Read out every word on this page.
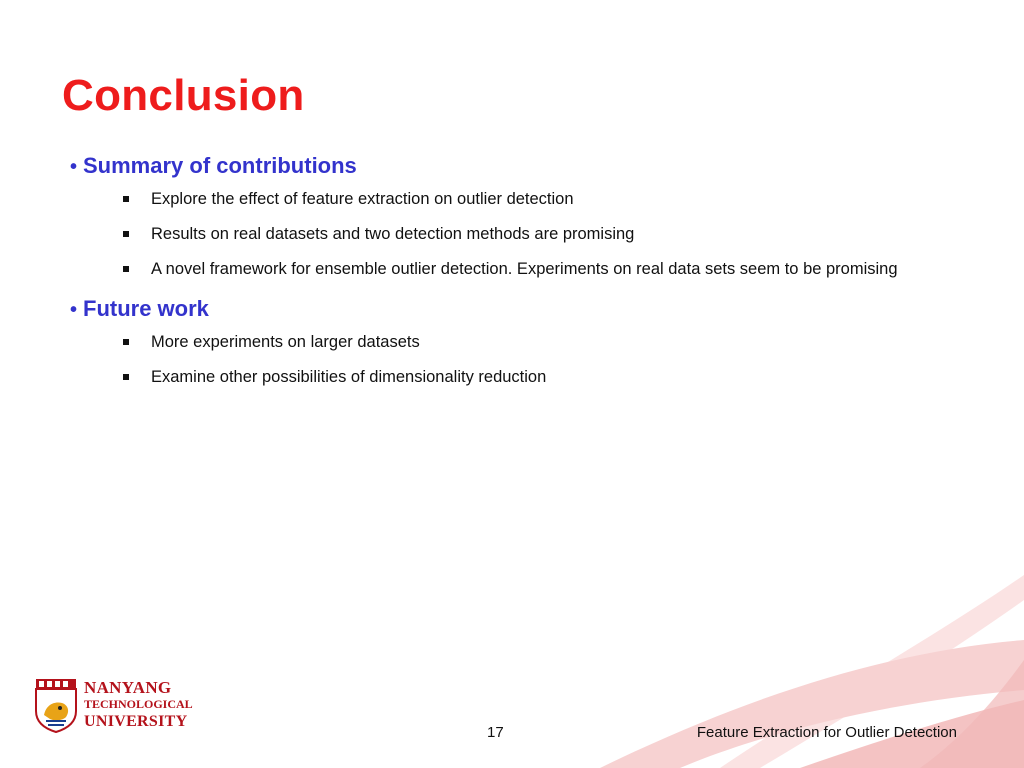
Conclusion
• Summary of contributions
Explore the effect of feature extraction on outlier detection
Results on real datasets and two detection methods are promising
A novel framework for ensemble outlier detection. Experiments on real data sets seem to be promising
• Future work
More experiments on larger datasets
Examine other possibilities of dimensionality reduction
NANYANG
TECHNOLOGICAL
UNIVERSITY
17	Feature Extraction for Outlier Detection
